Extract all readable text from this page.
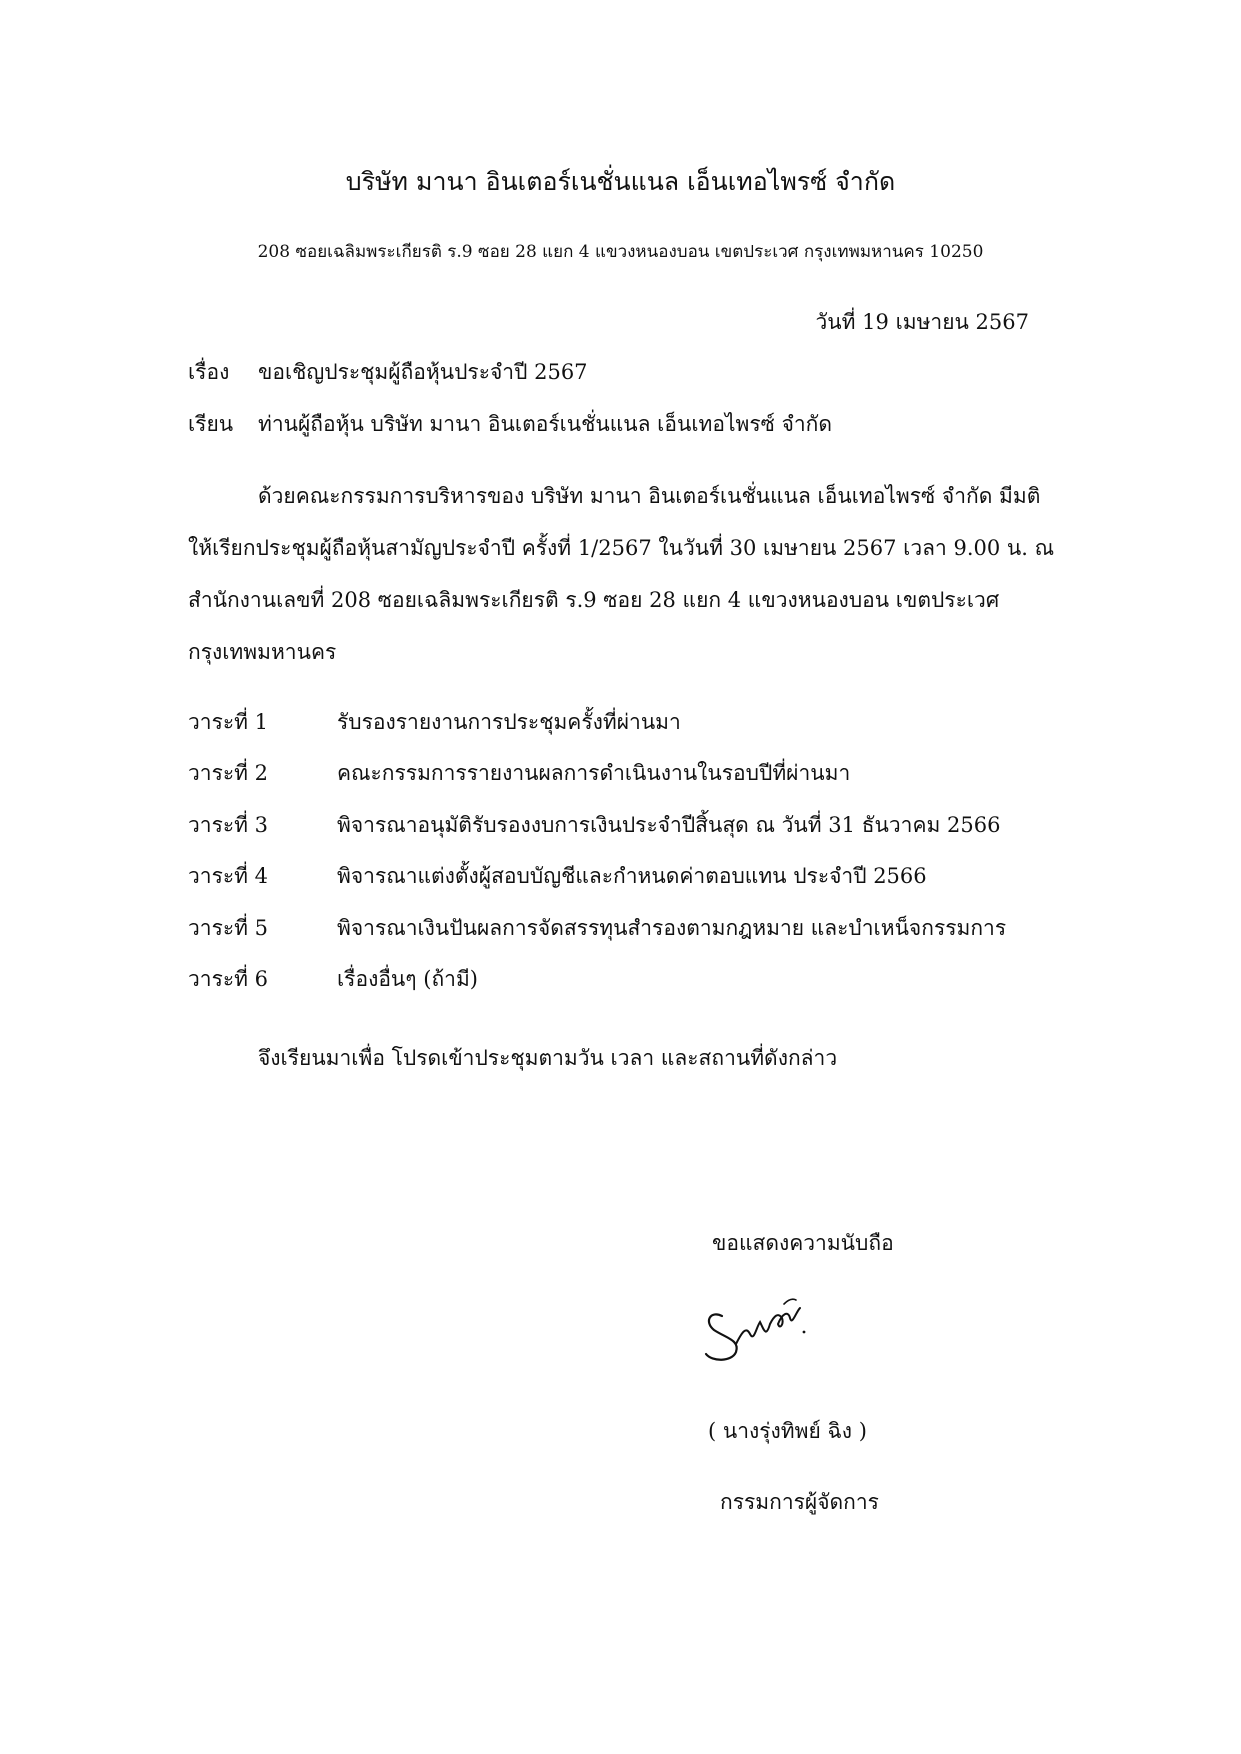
บริษัท มานา อินเตอร์เนชั่นแนล เอ็นเทอไพรซ์ จำกัด
208 ซอยเฉลิมพระเกียรติ ร.9 ซอย 28 แยก 4 แขวงหนองบอน เขตประเวศ กรุงเทพมหานคร 10250
วันที่ 19 เมษายน 2567
เรื่อง ขอเชิญประชุมผู้ถือหุ้นประจำปี 2567
เรียน ท่านผู้ถือหุ้น บริษัท มานา อินเตอร์เนชั่นแนล เอ็นเทอไพรซ์ จำกัด

ด้วยคณะกรรมการบริหารของ บริษัท มานา อินเตอร์เนชั่นแนล เอ็นเทอไพรซ์ จำกัด มีมติ

ให้เรียกประชุมผู้ถือหุ้นสามัญประจำปี ครั้งที่ 1/2567 ในวันที่ 30 เมษายน 2567 เวลา 9.00 น. ณ

สำนักงานเลขที่ 208 ซอยเฉลิมพระเกียรติ ร.9 ซอย 28 แยก 4 แขวงหนองบอน เขตประเวศ

กรุงเทพมหานคร

วาระที่ 1	รับรองรายงานการประชุมครั้งที่ผ่านมา
วาระที่ 2	คณะกรรมการรายงานผลการดำเนินงานในรอบปีที่ผ่านมา
วาระที่ 3	พิจารณาอนุมัติรับรองงบการเงินประจำปีสิ้นสุด ณ วันที่ 31 ธันวาคม 2566
วาระที่ 4	พิจารณาแต่งตั้งผู้สอบบัญชีและกำหนดค่าตอบแทน ประจำปี 2566
วาระที่ 5	พิจารณาเงินปันผลการจัดสรรทุนสำรองตามกฎหมาย และบำเหน็จกรรมการ
วาระที่ 6	เรื่องอื่นๆ (ถ้ามี)
จึงเรียนมาเพื่อ โปรดเข้าประชุมตามวัน เวลา และสถานที่ดังกล่าว
ขอแสดงความนับถือ
( นางรุ่งทิพย์ ฉิง )
กรรมการผู้จัดการ
